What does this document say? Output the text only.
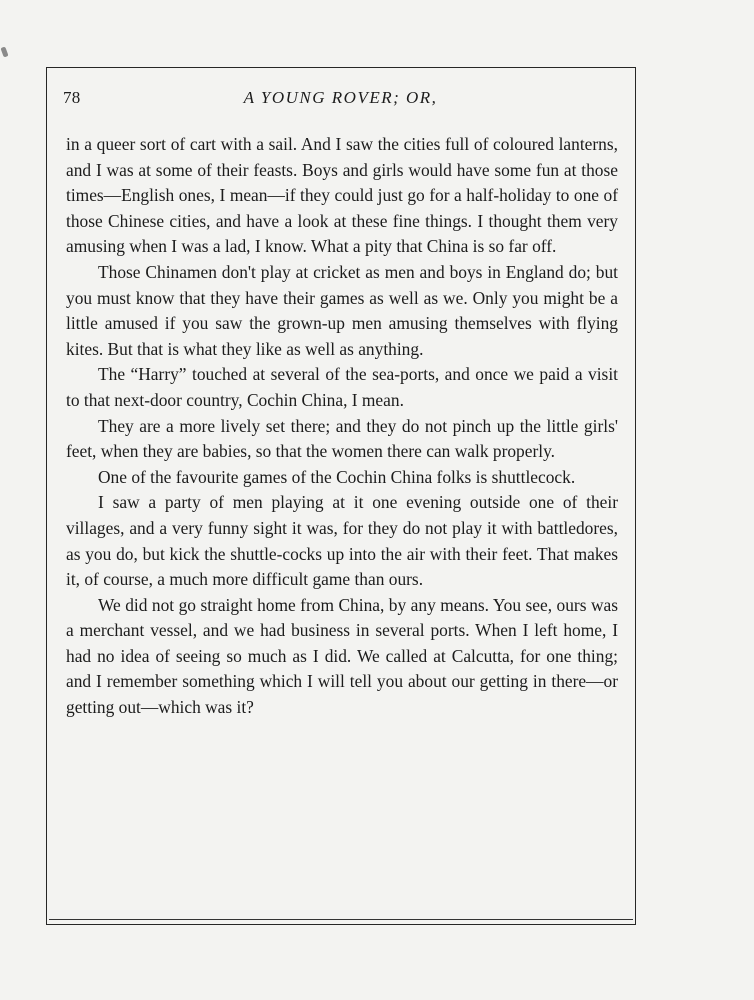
78	A YOUNG ROVER; OR,

in a queer sort of cart with a sail. And I saw the cities full of coloured lanterns, and I was at some of their feasts. Boys and girls would have some fun at those times—English ones, I mean—if they could just go for a half-holiday to one of those Chinese cities, and have a look at these fine things. I thought them very amusing when I was a lad, I know. What a pity that China is so far off.

Those Chinamen don't play at cricket as men and boys in England do; but you must know that they have their games as well as we. Only you might be a little amused if you saw the grown-up men amusing themselves with flying kites. But that is what they like as well as anything.

The “Harry” touched at several of the sea-ports, and once we paid a visit to that next-door country, Cochin China, I mean.

They are a more lively set there; and they do not pinch up the little girls' feet, when they are babies, so that the women there can walk properly.

One of the favourite games of the Cochin China folks is shuttlecock.

I saw a party of men playing at it one evening outside one of their villages, and a very funny sight it was, for they do not play it with battledores, as you do, but kick the shuttle-cocks up into the air with their feet. That makes it, of course, a much more difficult game than ours.

We did not go straight home from China, by any means. You see, ours was a merchant vessel, and we had business in several ports. When I left home, I had no idea of seeing so much as I did. We called at Calcutta, for one thing; and I remember something which I will tell you about our getting in there—or getting out—which was it?
